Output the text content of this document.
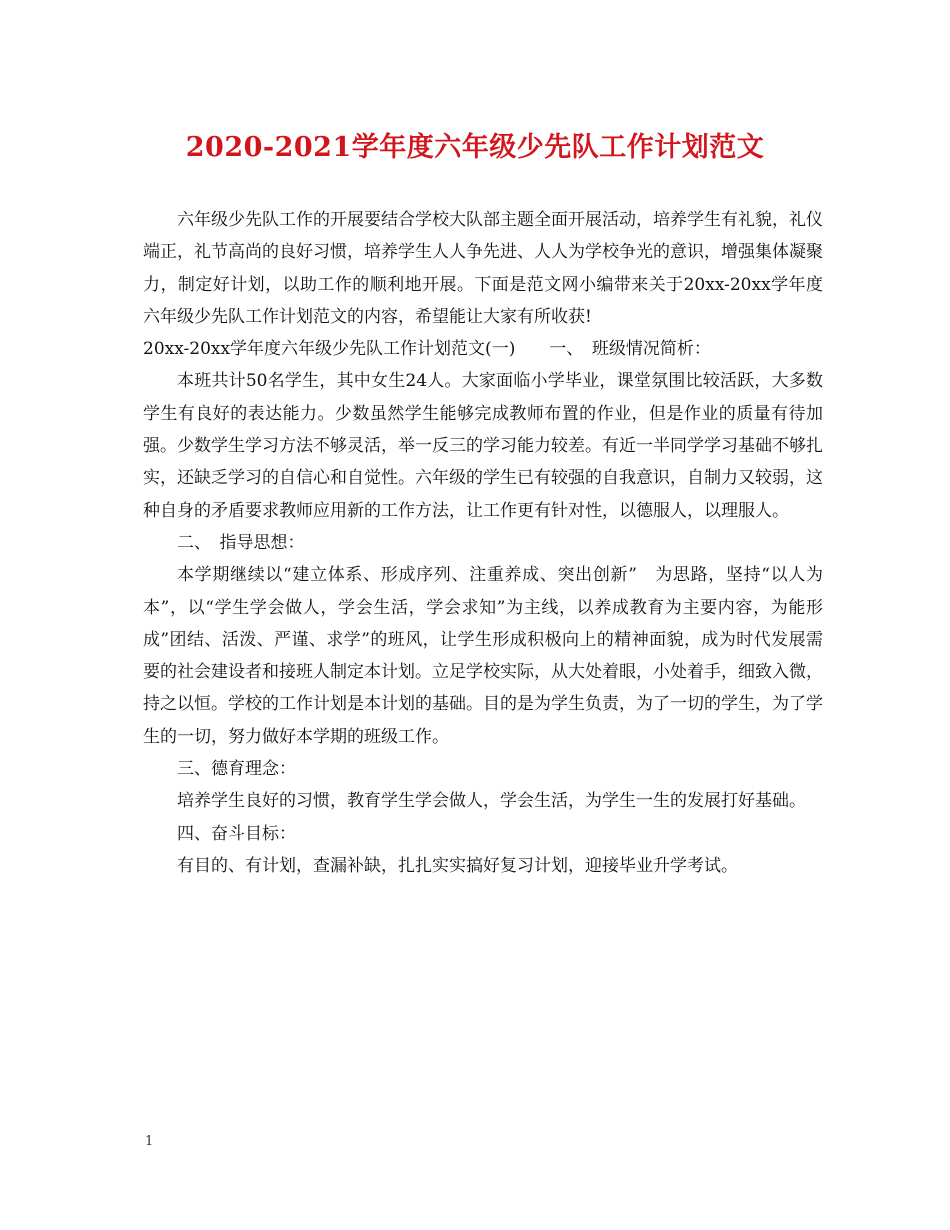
2020-2021学年度六年级少先队工作计划范文

六年级少先队工作的开展要结合学校大队部主题全面开展活动，培养学生有礼貌，礼仪端正，礼节高尚的良好习惯，培养学生人人争先进、人人为学校争光的意识，增强集体凝聚力，制定好计划，以助工作的顺利地开展。下面是范文网小编带来关于20xx-20xx学年度六年级少先队工作计划范文的内容，希望能让大家有所收获!

20xx-20xx学年度六年级少先队工作计划范文(一)　　一、　班级情况简析：

本班共计50名学生，其中女生24人。大家面临小学毕业，课堂氛围比较活跃，大多数学生有良好的表达能力。少数虽然学生能够完成教师布置的作业，但是作业的质量有待加强。少数学生学习方法不够灵活，举一反三的学习能力较差。有近一半同学学习基础不够扎实，还缺乏学习的自信心和自觉性。六年级的学生已有较强的自我意识，自制力又较弱，这种自身的矛盾要求教师应用新的工作方法，让工作更有针对性，以德服人，以理服人。

二、　指导思想：

本学期继续以“建立体系、形成序列、注重养成、突出创新”　为思路，坚持“以人为本”，以“学生学会做人，学会生活，学会求知”为主线，以养成教育为主要内容，为能形成”团结、活泼、严谨、求学”的班风，让学生形成积极向上的精神面貌，成为时代发展需要的社会建设者和接班人制定本计划。立足学校实际，从大处着眼，小处着手，细致入微，持之以恒。学校的工作计划是本计划的基础。目的是为学生负责，为了一切的学生，为了学生的一切，努力做好本学期的班级工作。

三、德育理念：

培养学生良好的习惯，教育学生学会做人，学会生活，为学生一生的发展打好基础。

四、奋斗目标：

有目的、有计划，查漏补缺，扎扎实实搞好复习计划，迎接毕业升学考试。

1
